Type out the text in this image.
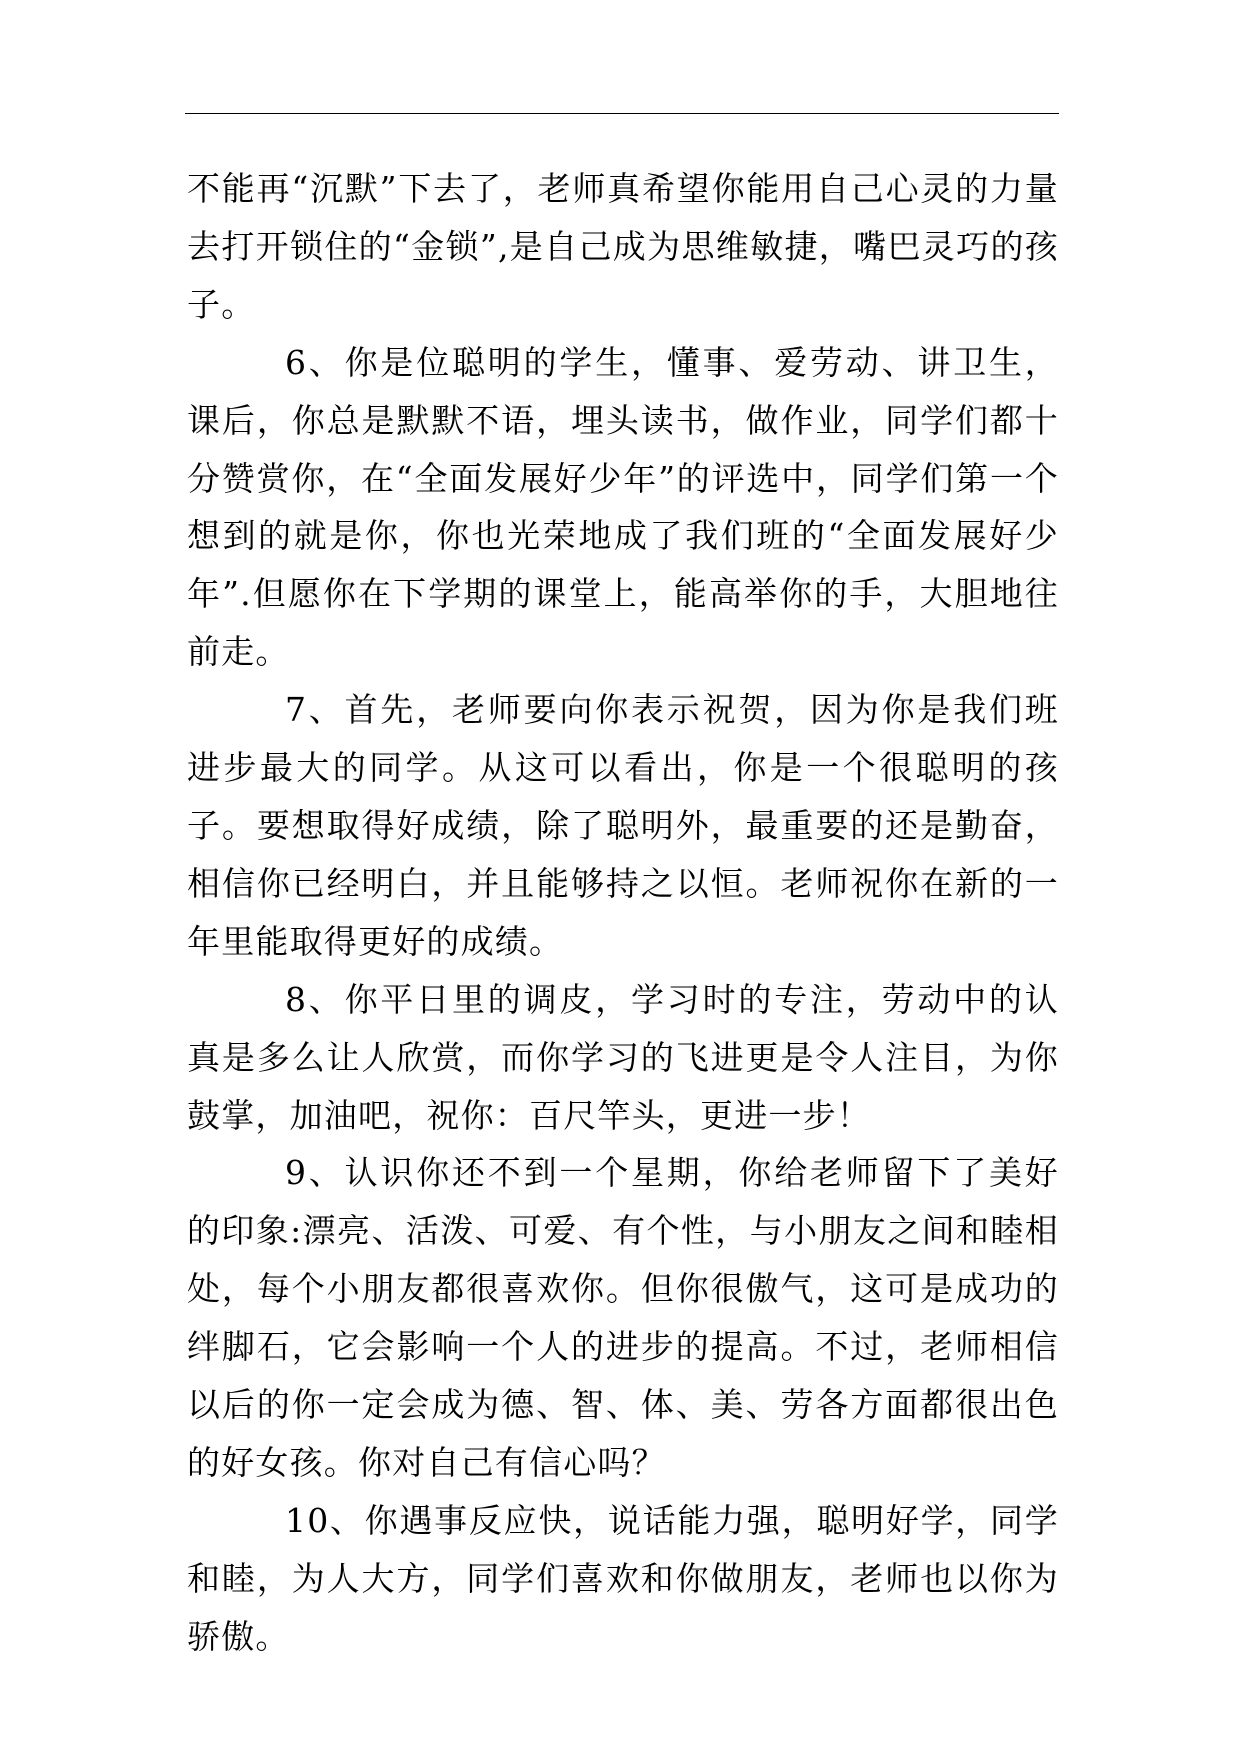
不能再“沉默”下去了，老师真希望你能用自己心灵的力量去打开锁住的“金锁”,是自己成为思维敏捷，嘴巴灵巧的孩子。

6、你是位聪明的学生，懂事、爱劳动、讲卫生，课后，你总是默默不语，埋头读书，做作业，同学们都十分赞赏你，在“全面发展好少年”的评选中，同学们第一个想到的就是你，你也光荣地成了我们班的“全面发展好少年”.但愿你在下学期的课堂上，能高举你的手，大胆地往前走。

7、首先，老师要向你表示祝贺，因为你是我们班进步最大的同学。从这可以看出，你是一个很聪明的孩子。要想取得好成绩，除了聪明外，最重要的还是勤奋，相信你已经明白，并且能够持之以恒。老师祝你在新的一年里能取得更好的成绩。

8、你平日里的调皮，学习时的专注，劳动中的认真是多么让人欣赏，而你学习的飞进更是令人注目，为你鼓掌，加油吧，祝你：百尺竿头，更进一步！

9、认识你还不到一个星期，你给老师留下了美好的印象:漂亮、活泼、可爱、有个性，与小朋友之间和睦相处，每个小朋友都很喜欢你。但你很傲气，这可是成功的绊脚石，它会影响一个人的进步的提高。不过，老师相信以后的你一定会成为德、智、体、美、劳各方面都很出色的好女孩。你对自己有信心吗？

10、你遇事反应快，说话能力强，聪明好学，同学和睦，为人大方，同学们喜欢和你做朋友，老师也以你为骄傲。
